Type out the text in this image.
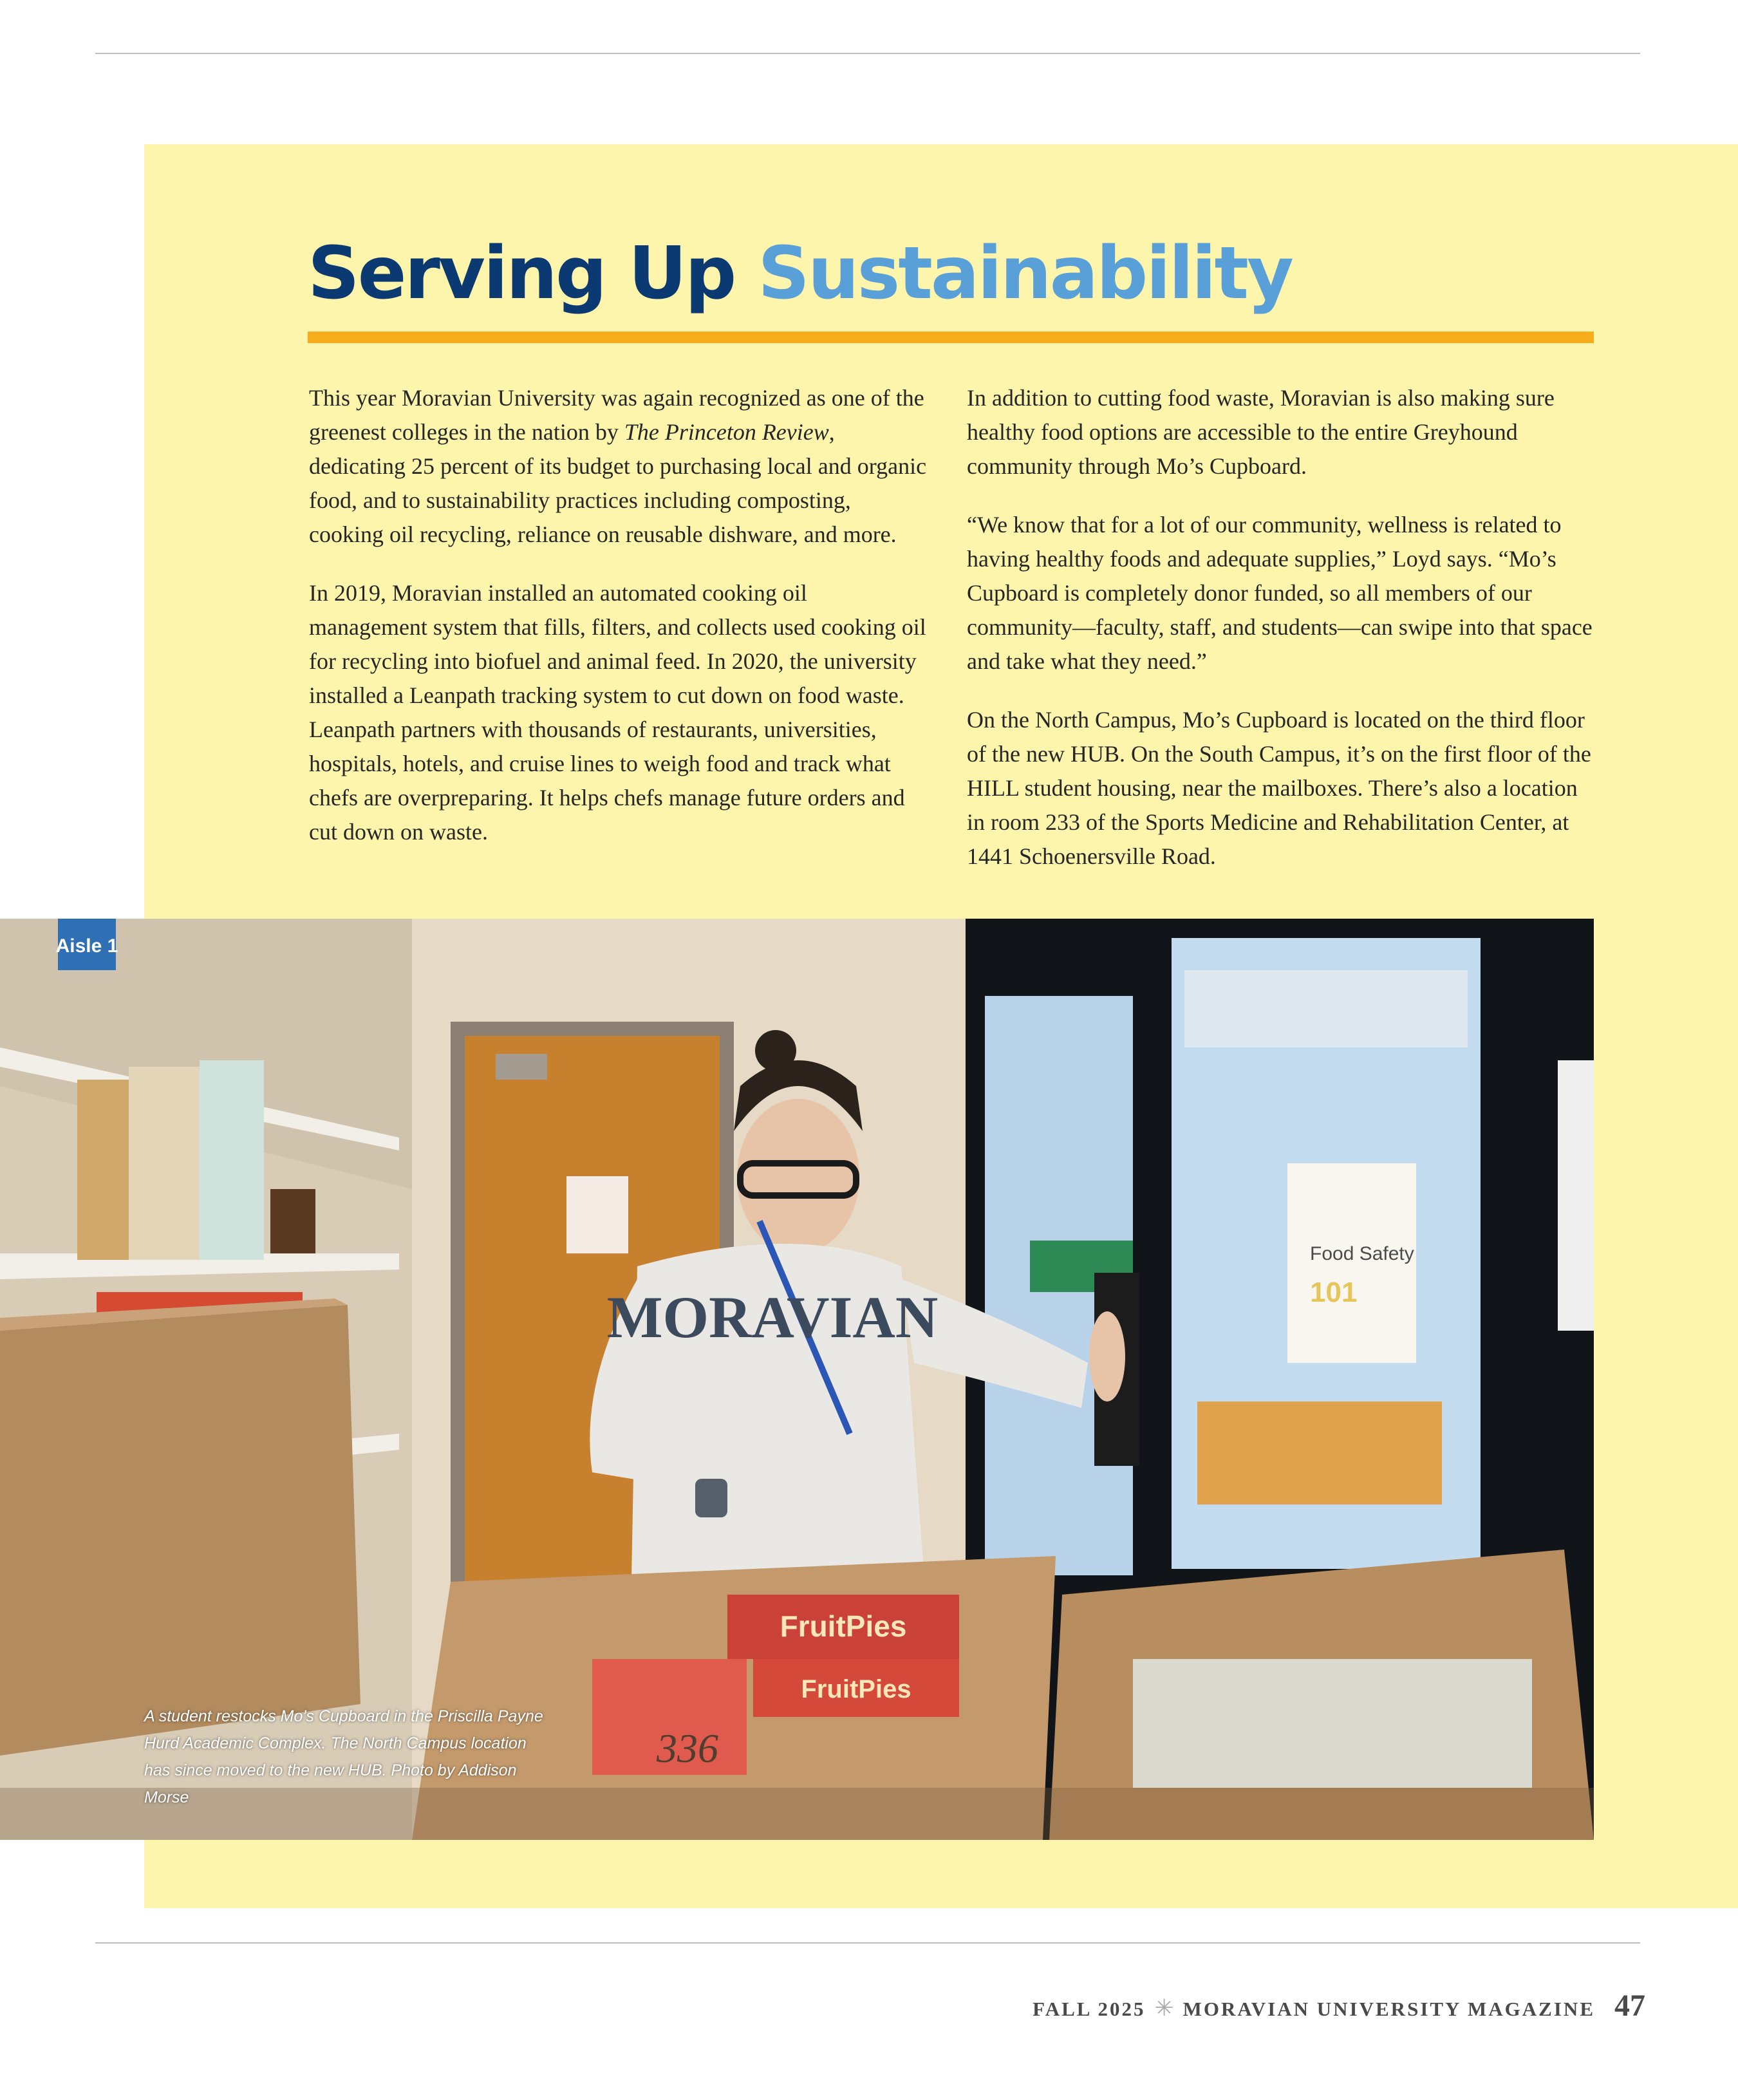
Serving Up Sustainability

This year Moravian University was again recognized as one of the greenest colleges in the nation by The Princeton Review, dedicating 25 percent of its budget to purchasing local and organic food, and to sustainability practices including composting, cooking oil recycling, reliance on reusable dishware, and more.

In 2019, Moravian installed an automated cooking oil management system that fills, filters, and collects used cooking oil for recycling into biofuel and animal feed. In 2020, the university installed a Leanpath tracking system to cut down on food waste. Leanpath partners with thousands of restaurants, universities, hospitals, hotels, and cruise lines to weigh food and track what chefs are overpreparing. It helps chefs manage future orders and cut down on waste.

In addition to cutting food waste, Moravian is also making sure healthy food options are accessible to the entire Greyhound community through Mo’s Cupboard.

“We know that for a lot of our community, wellness is related to having healthy foods and adequate supplies,” Loyd says. “Mo’s Cupboard is completely donor funded, so all members of our community—faculty, staff, and students—can swipe into that space and take what they need.”

On the North Campus, Mo’s Cupboard is located on the third floor of the new HUB. On the South Campus, it’s on the first floor of the HILL student housing, near the mailboxes. There’s also a location in room 233 of the Sports Medicine and Rehabilitation Center, at 1441 Schoenersville Road.

Aisle 1
Food Safety
101
MORAVIAN
FruitPies
FruitPies
336
A student restocks Mo’s Cupboard in the Priscilla Payne Hurd Academic Complex. The North Campus location has since moved to the new HUB. Photo by Addison Morse
FALL 2025 ✳ MORAVIAN UNIVERSITY MAGAZINE 47
